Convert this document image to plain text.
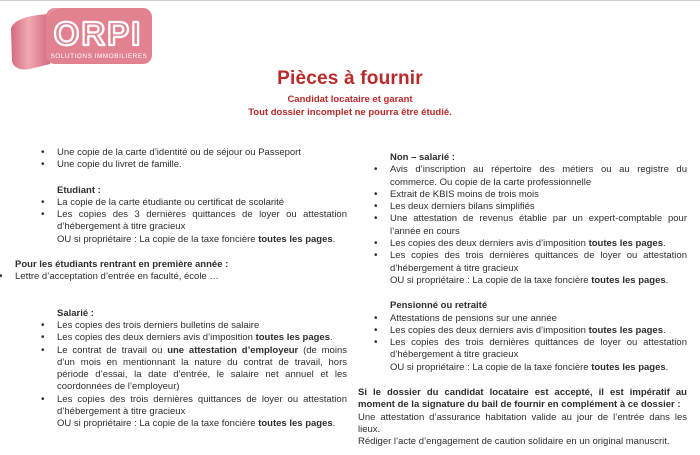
ORPI
SOLUTIONS IMMOBILIERES
Pièces à fournir
Candidat locataire et garant
Tout dossier incomplet ne pourra être étudié.
• Une copie de la carte d’identité ou de séjour ou Passeport
• Une copie du livret de famille.
Etudiant :
• La copie de la carte étudiante ou certificat de scolarité
• Les copies des 3 dernières quittances de loyer ou attestation d’hébergement à titre gracieux
OU si propriétaire : La copie de la taxe foncière toutes les pages.
Pour les étudiants rentrant en première année :
• Lettre d’acceptation d’entrée en faculté, école …
Salarié :
• Les copies des trois derniers bulletins de salaire
• Les copies des deux derniers avis d’imposition toutes les pages.
• Le contrat de travail ou une attestation d’employeur (de moins d’un mois en mentionnant la nature du contrat de travail, hors période d’essai, la date d’entrée, le salaire net annuel et les coordonnées de l’employeur)
• Les copies des trois dernières quittances de loyer ou attestation d’hébergement à titre gracieux
OU si propriétaire : La copie de la taxe foncière toutes les pages.
Non – salarié :
• Avis d’inscription au répertoire des métiers ou au registre du commerce. Ou copie de la carte professionnelle
• Extrait de KBIS moins de trois mois
• Les deux derniers bilans simplifiés
• Une attestation de revenus établie par un expert-comptable pour l’année en cours
• Les copies des deux derniers avis d’imposition toutes les pages.
• Les copies des trois dernières quittances de loyer ou attestation d’hébergement à titre gracieux
OU si propriétaire : La copie de la taxe foncière toutes les pages.
Pensionné ou retraité
• Attestations de pensions sur une année
• Les copies des deux derniers avis d’imposition toutes les pages.
• Les copies des trois dernières quittances de loyer ou attestation d’hébergement à titre gracieux
OU si propriétaire : La copie de la taxe foncière toutes les pages.
Si le dossier du candidat locataire est accepté, il est impératif au moment de la signature du bail de fournir en complément à ce dossier :
Une attestation d’assurance habitation valide au jour de l’entrée dans les lieux.
Rédiger l’acte d’engagement de caution solidaire en un original manuscrit.
